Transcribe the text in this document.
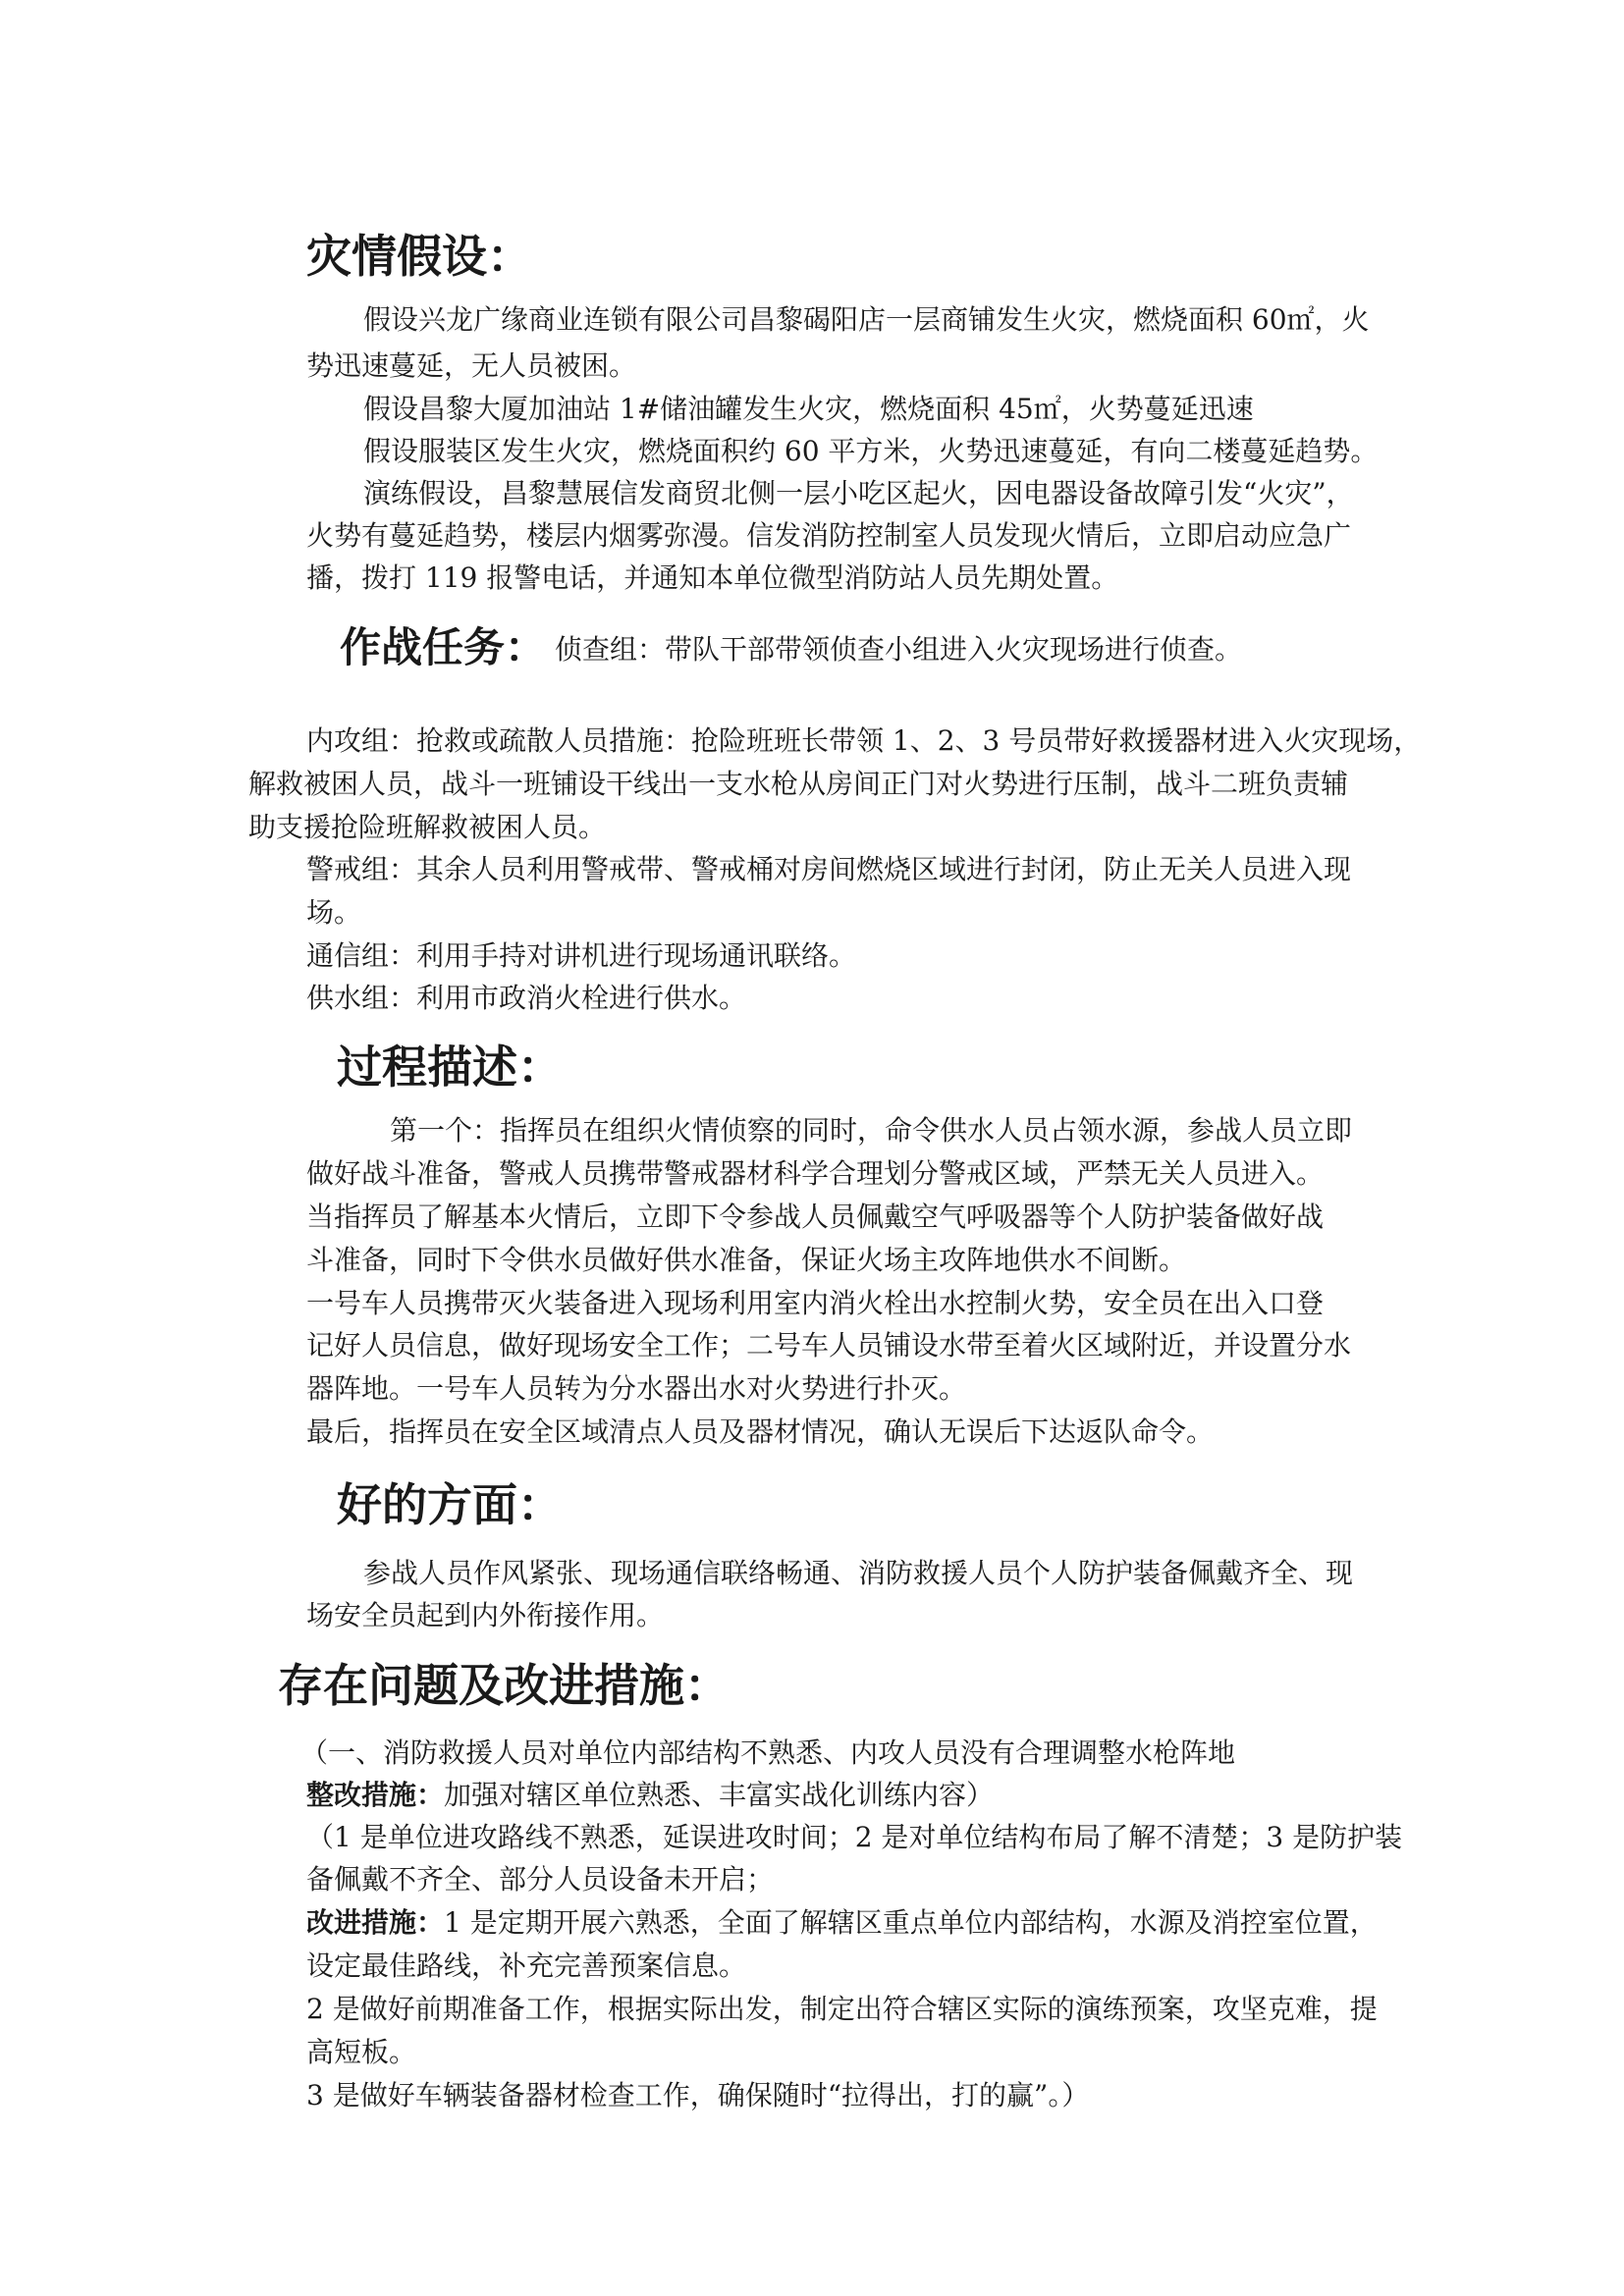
灾情假设：
假设兴龙广缘商业连锁有限公司昌黎碣阳店一层商铺发生火灾，燃烧面积 60㎡，火
势迅速蔓延，无人员被困。
假设昌黎大厦加油站 1#储油罐发生火灾，燃烧面积 45㎡，火势蔓延迅速
假设服装区发生火灾，燃烧面积约 60 平方米，火势迅速蔓延，有向二楼蔓延趋势。
演练假设，昌黎慧展信发商贸北侧一层小吃区起火，因电器设备故障引发“火灾”，
火势有蔓延趋势，楼层内烟雾弥漫。信发消防控制室人员发现火情后，立即启动应急广
播，拨打 119 报警电话，并通知本单位微型消防站人员先期处置。
作战任务： 侦查组：带队干部带领侦查小组进入火灾现场进行侦查。
内攻组：抢救或疏散人员措施：抢险班班长带领 1、2、3 号员带好救援器材进入火灾现场，
解救被困人员，战斗一班铺设干线出一支水枪从房间正门对火势进行压制，战斗二班负责辅
助支援抢险班解救被困人员。
警戒组：其余人员利用警戒带、警戒桶对房间燃烧区域进行封闭，防止无关人员进入现
场。
通信组：利用手持对讲机进行现场通讯联络。
供水组：利用市政消火栓进行供水。
过程描述：
第一个：指挥员在组织火情侦察的同时，命令供水人员占领水源，参战人员立即
做好战斗准备，警戒人员携带警戒器材科学合理划分警戒区域，严禁无关人员进入。
当指挥员了解基本火情后，立即下令参战人员佩戴空气呼吸器等个人防护装备做好战
斗准备，同时下令供水员做好供水准备，保证火场主攻阵地供水不间断。
一号车人员携带灭火装备进入现场利用室内消火栓出水控制火势，安全员在出入口登
记好人员信息，做好现场安全工作；二号车人员铺设水带至着火区域附近，并设置分水
器阵地。一号车人员转为分水器出水对火势进行扑灭。
最后，指挥员在安全区域清点人员及器材情况，确认无误后下达返队命令。
好的方面：
参战人员作风紧张、现场通信联络畅通、消防救援人员个人防护装备佩戴齐全、现
场安全员起到内外衔接作用。
存在问题及改进措施：
（一、消防救援人员对单位内部结构不熟悉、内攻人员没有合理调整水枪阵地
整改措施：加强对辖区单位熟悉、丰富实战化训练内容）
（1 是单位进攻路线不熟悉，延误进攻时间；2 是对单位结构布局了解不清楚；3 是防护装
备佩戴不齐全、部分人员设备未开启；
改进措施：1 是定期开展六熟悉，全面了解辖区重点单位内部结构，水源及消控室位置，
设定最佳路线，补充完善预案信息。
2 是做好前期准备工作，根据实际出发，制定出符合辖区实际的演练预案，攻坚克难，提
高短板。
3 是做好车辆装备器材检查工作，确保随时“拉得出，打的赢”。）
